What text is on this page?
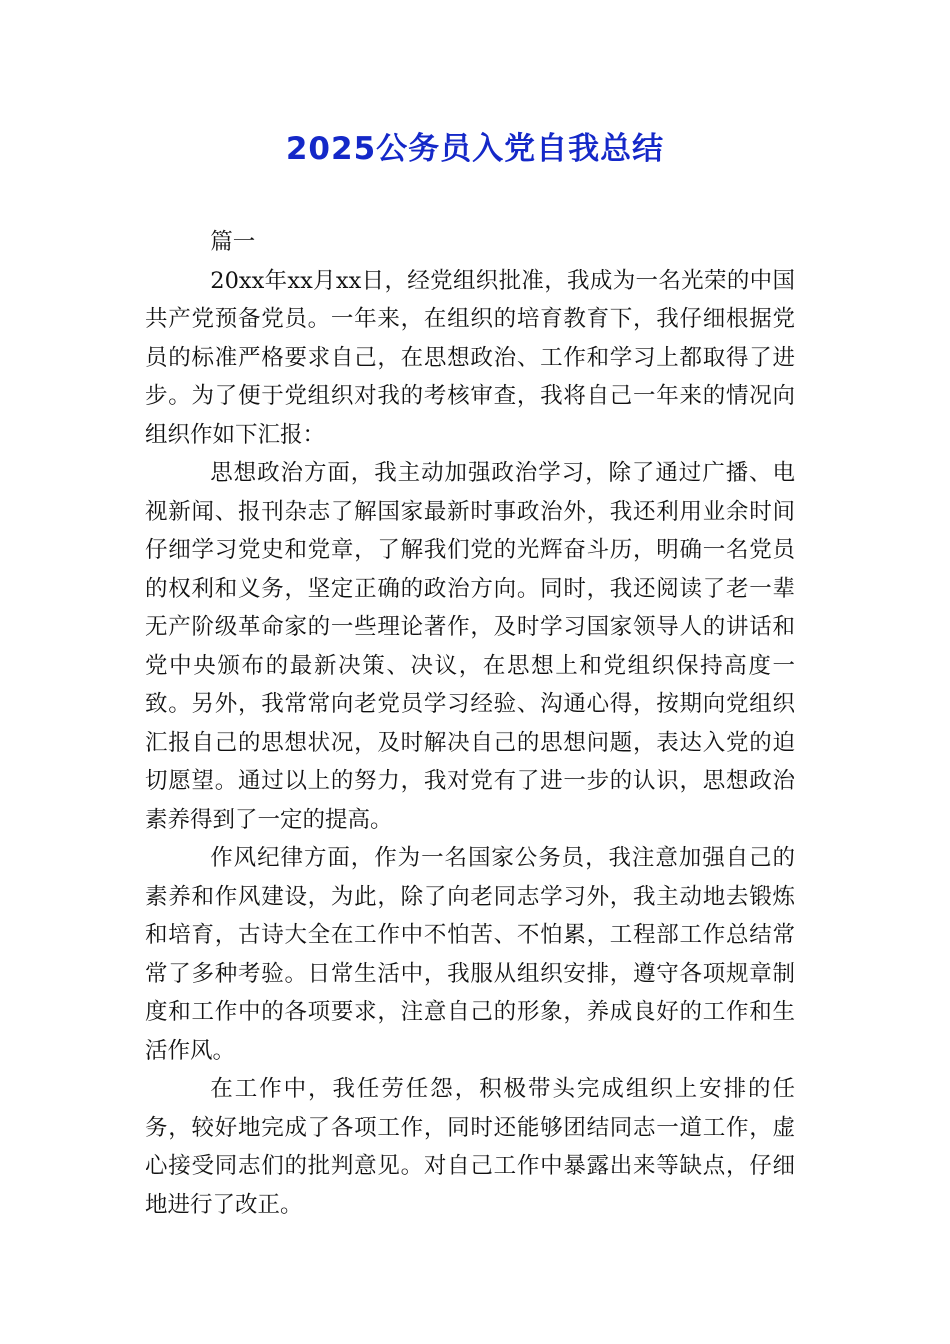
2025公务员入党自我总结

篇一

20xx年xx月xx日，经党组织批准，我成为一名光荣的中国共产党预备党员。一年来，在组织的培育教育下，我仔细根据党员的标准严格要求自己，在思想政治、工作和学习上都取得了进步。为了便于党组织对我的考核审查，我将自己一年来的情况向组织作如下汇报：

思想政治方面，我主动加强政治学习，除了通过广播、电视新闻、报刊杂志了解国家最新时事政治外，我还利用业余时间仔细学习党史和党章，了解我们党的光辉奋斗历，明确一名党员的权利和义务，坚定正确的政治方向。同时，我还阅读了老一辈无产阶级革命家的一些理论著作，及时学习国家领导人的讲话和党中央颁布的最新决策、决议，在思想上和党组织保持高度一致。另外，我常常向老党员学习经验、沟通心得，按期向党组织汇报自己的思想状况，及时解决自己的思想问题，表达入党的迫切愿望。通过以上的努力，我对党有了进一步的认识，思想政治素养得到了一定的提高。

作风纪律方面，作为一名国家公务员，我注意加强自己的素养和作风建设，为此，除了向老同志学习外，我主动地去锻炼和培育，古诗大全在工作中不怕苦、不怕累，工程部工作总结常常了多种考验。日常生活中，我服从组织安排，遵守各项规章制度和工作中的各项要求，注意自己的形象，养成良好的工作和生活作风。

在工作中，我任劳任怨，积极带头完成组织上安排的任务，较好地完成了各项工作，同时还能够团结同志一道工作，虚心接受同志们的批判意见。对自己工作中暴露出来等缺点，仔细地进行了改正。
